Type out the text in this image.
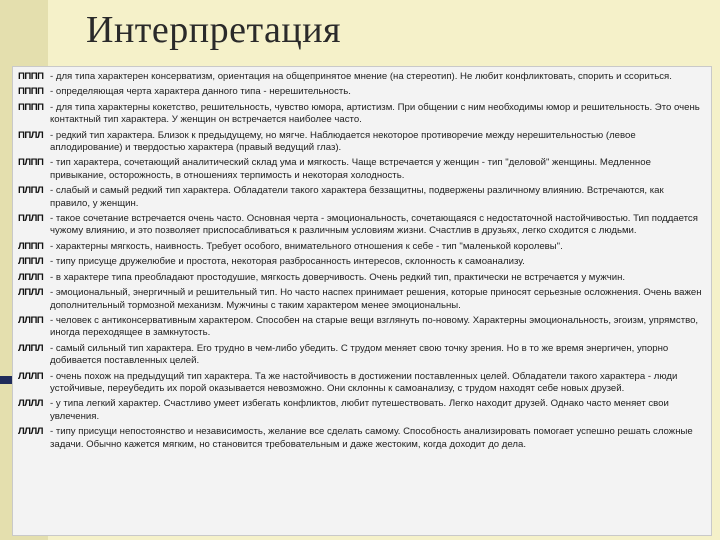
Интерпретация
ПППП - для типа характерен консерватизм, ориентация на общепринятое мнение (на стереотип). Не любит конфликтовать, спорить и ссориться.
ПППП - определяющая черта характера данного типа - нерешительность.
ПППП - для типа характерны кокетство, решительность, чувство юмора, артистизм. При общении с ним необходимы юмор и решительность. Это очень контактный тип характера. У женщин он встречается наиболее часто.
ППЛЛ - редкий тип характера. Близок к предыдущему, но мягче. Наблюдается некоторое противоречие между нерешительностью (левое аплодирование) и твердостью характера (правый ведущий глаз).
ПЛПП - тип характера, сочетающий аналитический склад ума и мягкость. Чаще встречается у женщин - тип "деловой" женщины. Медленное привыкание, осторожность, в отношениях терпимость и некоторая холодность.
ПЛПЛ - слабый и самый редкий тип характера. Обладатели такого характера беззащитны, подвержены различному влиянию. Встречаются, как правило, у женщин.
ПЛЛП - такое сочетание встречается очень часто. Основная черта - эмоциональность, сочетающаяся с недостаточной настойчивостью. Тип поддается чужому влиянию, и это позволяет приспосабливаться к различным условиям жизни. Счастлив в друзьях, легко сходится с людьми.
ЛППП - характерны мягкость, наивность. Требует особого, внимательного отношения к себе - тип "маленькой королевы".
ЛППЛ - типу присуще дружелюбие и простота, некоторая разбросанность интересов, склонность к самоанализу.
ЛПЛП - в характере типа преобладают простодушие, мягкость доверчивость. Очень редкий тип, практически не встречается у мужчин.
ЛПЛЛ - эмоциональный, энергичный и решительный тип. Но часто наспех принимает решения, которые приносят серьезные осложнения. Очень важен дополнительный тормозной механизм. Мужчины с таким характером менее эмоциональны.
ЛЛПП - человек с антиконсервативным характером. Способен на старые вещи взглянуть по-новому. Характерны эмоциональность, эгоизм, упрямство, иногда переходящее в замкнутость.
ЛЛПЛ - самый сильный тип характера. Его трудно в чем-либо убедить. С трудом меняет свою точку зрения. Но в то же время энергичен, упорно добивается поставленных целей.
ЛЛЛП - очень похож на предыдущий тип характера. Та же настойчивость в достижении поставленных целей. Обладатели такого характера - люди устойчивые, переубедить их порой оказывается невозможно. Они склонны к самоанализу, с трудом находят себе новых друзей.
ЛЛЛЛ - у типа легкий характер. Счастливо умеет избегать конфликтов, любит путешествовать. Легко находит друзей. Однако часто меняет свои увлечения.
ЛЛЛЛ - типу присущи непостоянство и независимость, желание все сделать самому. Способность анализировать помогает успешно решать сложные задачи. Обычно кажется мягким, но становится требовательным и даже жестоким, когда доходит до дела.
